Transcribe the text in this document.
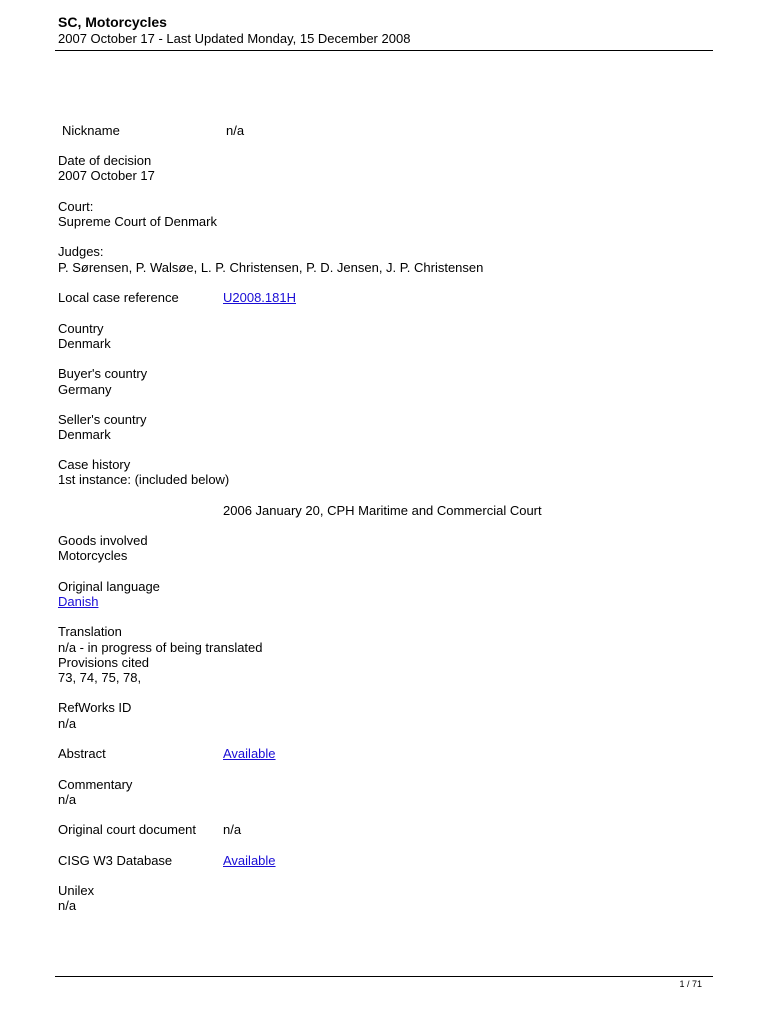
SC, Motorcycles
2007 October 17 - Last Updated Monday, 15 December 2008
Nickname	n/a
Date of decision
2007 October 17
Court:
Supreme Court of Denmark
Judges:
P. Sørensen, P. Walsøe, L. P. Christensen, P. D. Jensen, J. P. Christensen
Local case reference	U2008.181H
Country
Denmark
Buyer's country
Germany
Seller's country
Denmark
Case history
1st instance: (included below)
2006 January 20, CPH Maritime and Commercial Court
Goods involved
Motorcycles
Original language
Danish
Translation
n/a - in progress of being translated
Provisions cited
73, 74, 75, 78,
RefWorks ID
n/a
Abstract	Available
Commentary
n/a
Original court document n/a
CISG W3 Database	Available
Unilex
n/a
1 / 71
